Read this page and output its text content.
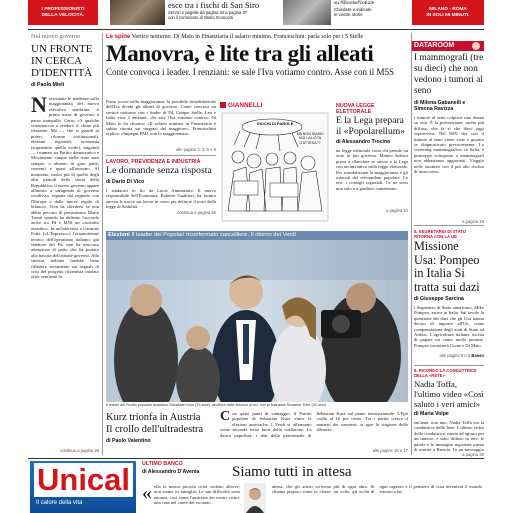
I PROFESSIONISTI
DELLA VELOCITÀ.
esce tra i fischi di San Siro
Servizi e pagelle da pagina 34 a pagina 37
con il commento di Mario Sconcerti
su #BuoneNotizie
Chiedete e indicate
le vostre storie
MILANO - ROMA
IN SOLI 59 MINUTI.
Nel nuovo governo
UN FRONTE IN CERCA D'IDENTITÀ
di Paolo Mieli
N onostante le tendenze sulla maggioranza del nuovo esecutivo sembrino, il primo mese di governo è parso tranquillo. Certo, c'è qualche scaramuccia a rendere il clima più frizzante. Ma — che si guardi ai poteri, riforme costituzionali, elezioni regionali, economia (soprattutto quella verde), migranti — i numeri tra Partito democratico e Movimento cinque stelle sono stati sempre, o almeno in gran parte, coerenti e quasi all'unisono. Al momento, molto più di quello degli altri periodi della storia della Repubblica, il nuovo governo appare allineato a un'agenda di governo condivisa, segnata dal rapporto con l'Europa e dalle nuove regole di bilancio. Vien da chiedersi se non abbia peccato di pessimismo Mario Tronti quando ha definito l'accordo attivo tra Pd e M5S un «suicidio assistito». In un'intervista a Carmine Fotia («L'Espresso») l'ottantottenne teorico dell'operaismo italiano, già senatore del Pd, non ha nascosto attenzione al patto che ha portato alla nascita dell'attuale governo. Alla sinistra italiana farebbe bene riflettere seriamente sui segnali di crisi del progetto riformista iniziato oltre vent'anni fa.
continua a pagina 26
Le spine Vertice notturno. Di Maio in Finanziaria il salario minimo. Franceschini: parla solo per i 5 Stelle
Manovra, è lite tra gli alleati
Conte convoca i leader. I renziani: se sale l'Iva votiamo contro. Asse con il M5S
Primi scossi nella maggioranza: la possibile rimodulazione dell'Iva divide gli alleati di governo. Conte convoca un vertice notturno con i leader di Pd, Cinque Stelle, Leu e Italia viva. I renziani: «Se sale l'Iva votiamo contro». Di Maio lo ha chiarito: «Il salario minimo in Finanziaria è subito ritorna sui ringrazi del maggiore». Franceschini replica: «Impegni PMI, non lo maggioranza».
alle pagine 2, 3, 8 e 9
LAVORO, PREVIDENZA E INDUSTRIA
Le domande senza risposta
di Dario Di Vico
I sindacati in fio da Lucia Annunziata. Il nuovo responsabile dell'Economia, Roberto Gualtieri, ha fornito ancora le tracce sui lavori in corso per definire il testo della legge di Stabilità.
continua a pagina 26
GIANNELLI
GIOCHI DI PAROLE
MA NON SIAMO NOI LA LISTA D'ATTESA??
NUOVA LEGGE ELETTORALE
E la Lega prepara il «Popolarellum»
di Alessandro Trocino
na legge elettorale cotta chi prende un voto in più governa. Matteo Salvini prova a rilanciare se stesso e la Lega con un'iniziativa sulla legge elettorale. Per scandalizzare la maggioranza e gli ostacoli del referendum popolare. Le tesi: i consigli regionali. Ce ne sono non solo o a giudizio consentono.
a pagina 14
Elezioni Il leader dei Popolari riconfermato cancelliere. Il ritorno dei Verdi
Il leader del Partito popolare austriaco Sebastian Kurz (33 anni), vincitore delle elezioni di ieri, con la fidanzata Susanne Thier (30 anni)
Kurz trionfa in Austria
Il crollo dell'ultradestra
di Paolo Valentino
Con quasi punti di vantaggio, il Partito popolare di Sebastian Kurz vince le elezioni austriache. I Verdi si affermano come seconda forza fuori della coalizione. La destra populista, i dati della percentuale di Sebastian Kurz sul piano internazionale. L'Fpö crolla al 16 per cento. Tra i partiti cresce il numero dei consensi, si apre la stagione delle alleanze.
alle pagine 16 e 17
DATAROOM
I mammografi (tre su dieci) che non vedono i tumori al seno
di Milena Gabanelli e Simona Ravizza
l tumore al seno colpisce una donna su otto. È la prevenzione, molto più diffusa, che fa sì che dieci oggi sopravviva. Nel 90% dei casi il tumore al seno viene visto e guarito se diagnosticato precocemente. Lo screening mammografico, in Italia, è purtroppo sottoposto a mammografi non abbastanza aggiornati. Viaggio nelle strutture con il più alto rischio di insuccesso.
a pagina 19
IL SEGRETARIO DI STATO RITORNA CON LA UE
Missione Usa: Pompeo in Italia Si tratta sui dazi
di Giuseppe Sarcina
l Segretario di Stato americano, Mike Pompeo, arriva in Italia. Sul tavolo la questione dei dazi che gli Usa hanno deciso di imporre all'Ue, come compensazione degli aiuti di Stato ad Airbus. L'agricoltura italiana rischia di pagare un conto molto pesante. Pompeo incontrerà Conte e Di Maio.
alle pagine 5 e 6 Basso
IL RICORDO LA CONDUTTRICE DELLA «RETE»
Nadia Toffa, l'ultimo video «Così saluto i veri amici»
di Maria Volpe
ent'anni, non uno, Nadia Toffa era la conduttrice delle Iene. L'ultimo video della conduttrice, morta ad agosto per un tumore, è stato diffuso in rete: le parole e le immagini registrate prima di morire a Brescia. In un messaggio
a pagina 30
Unical
Il calore della vita
ULTIMO BANCO
di Alessandro D'Avenia	Siamo tutti in attesa
« ella la nostra piccola color vedono altrove; non siamo in famiglia. Le sue difficoltà sono enormi, così come l'amicizia dei nostri vicini: una casa nel cuore del vicinato.
attesa, che gli artisti scrivono più di ogni altro. Si chiama proprio come la classe: un volto, gli occhi di ogni ragazzo e il pensiero di cosa diventerà il mondo attorno a lui.
